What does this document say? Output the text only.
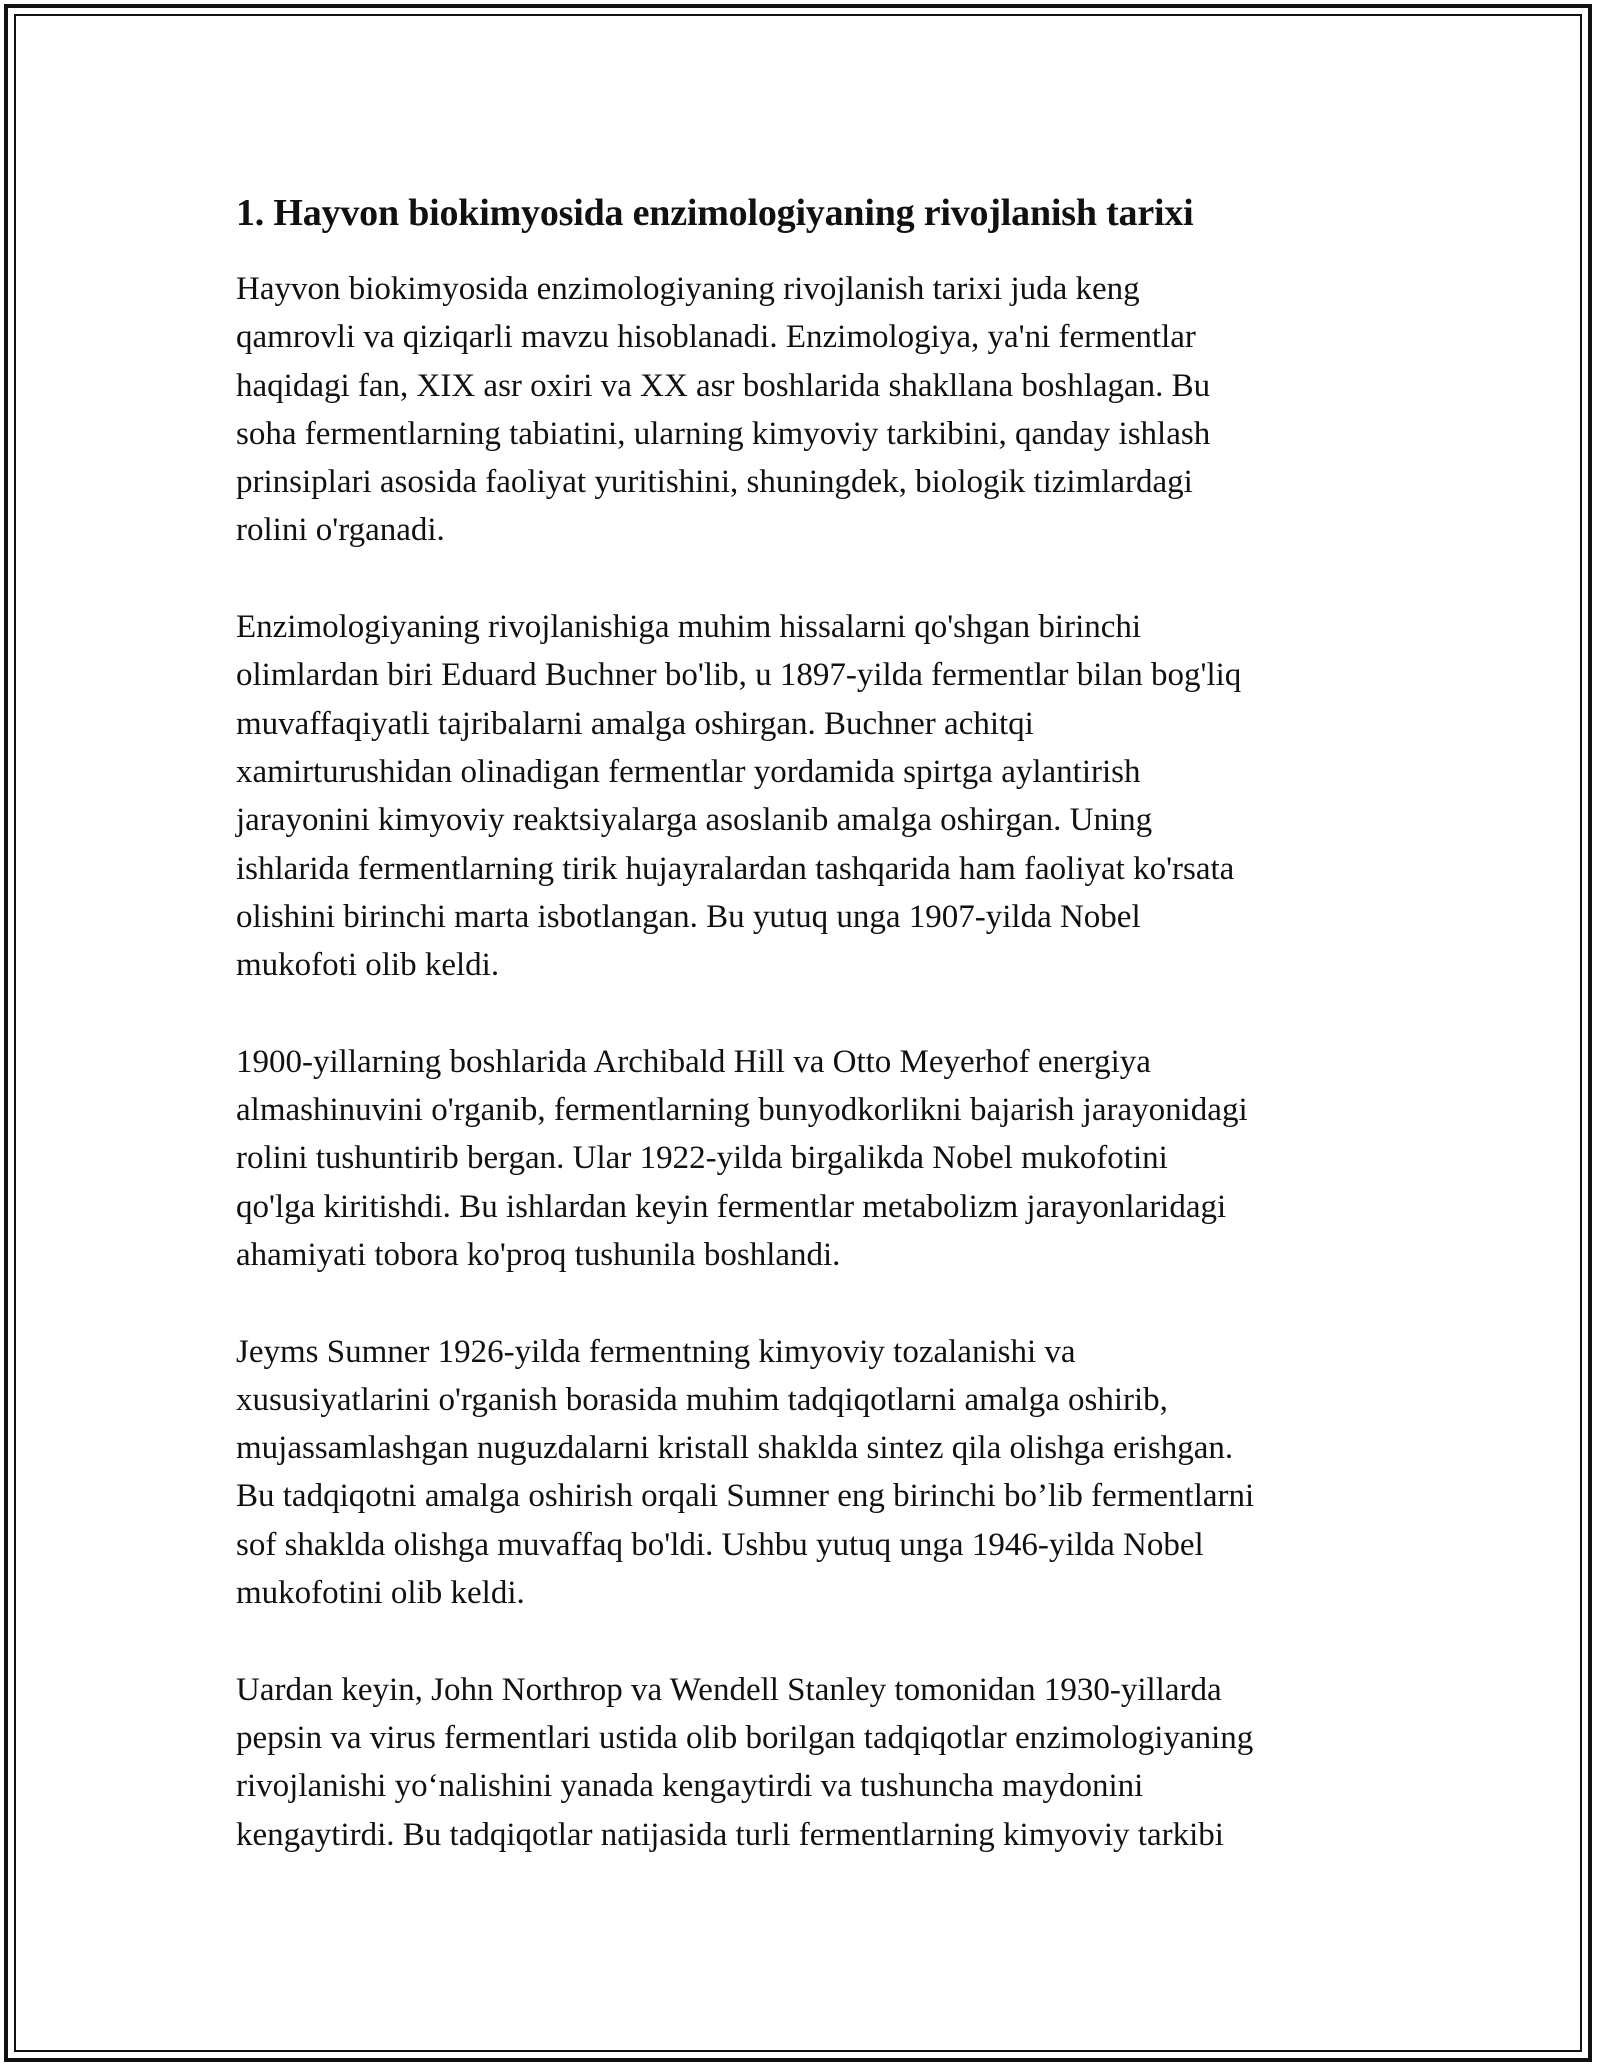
1. Hayvon biokimyosida enzimologiyaning rivojlanish tarixi

Hayvon biokimyosida enzimologiyaning rivojlanish tarixi juda keng
qamrovli va qiziqarli mavzu hisoblanadi. Enzimologiya, ya'ni fermentlar
haqidagi fan, XIX asr oxiri va XX asr boshlarida shakllana boshlagan. Bu
soha fermentlarning tabiatini, ularning kimyoviy tarkibini, qanday ishlash
prinsiplari asosida faoliyat yuritishini, shuningdek, biologik tizimlardagi
rolini o'rganadi.

Enzimologiyaning rivojlanishiga muhim hissalarni qo'shgan birinchi
olimlardan biri Eduard Buchner bo'lib, u 1897-yilda fermentlar bilan bog'liq
muvaffaqiyatli tajribalarni amalga oshirgan. Buchner achitqi
xamirturushidan olinadigan fermentlar yordamida spirtga aylantirish
jarayonini kimyoviy reaktsiyalarga asoslanib amalga oshirgan. Uning
ishlarida fermentlarning tirik hujayralardan tashqarida ham faoliyat ko'rsata
olishini birinchi marta isbotlangan. Bu yutuq unga 1907-yilda Nobel
mukofoti olib keldi.

1900-yillarning boshlarida Archibald Hill va Otto Meyerhof energiya
almashinuvini o'rganib, fermentlarning bunyodkorlikni bajarish jarayonidagi
rolini tushuntirib bergan. Ular 1922-yilda birgalikda Nobel mukofotini
qo'lga kiritishdi. Bu ishlardan keyin fermentlar metabolizm jarayonlaridagi
ahamiyati tobora ko'proq tushunila boshlandi.

Jeyms Sumner 1926-yilda fermentning kimyoviy tozalanishi va
xususiyatlarini o'rganish borasida muhim tadqiqotlarni amalga oshirib,
mujassamlashgan nuguzdalarni kristall shaklda sintez qila olishga erishgan.
Bu tadqiqotni amalga oshirish orqali Sumner eng birinchi bo’lib fermentlarni
sof shaklda olishga muvaffaq bo'ldi. Ushbu yutuq unga 1946-yilda Nobel
mukofotini olib keldi.

Uardan keyin, John Northrop va Wendell Stanley tomonidan 1930-yillarda
pepsin va virus fermentlari ustida olib borilgan tadqiqotlar enzimologiyaning
rivojlanishi yo‘nalishini yanada kengaytirdi va tushuncha maydonini
kengaytirdi. Bu tadqiqotlar natijasida turli fermentlarning kimyoviy tarkibi
